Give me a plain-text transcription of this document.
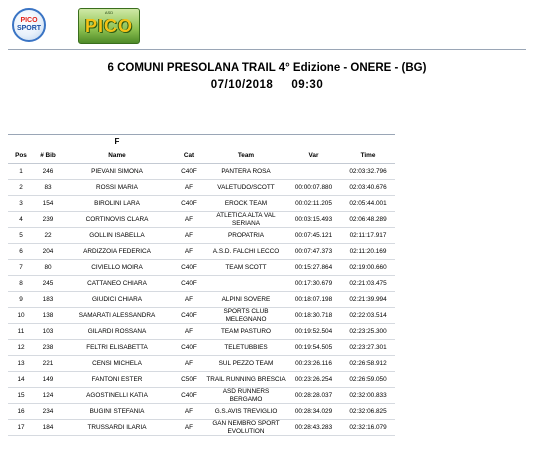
PICO
SPORT
ASD
PICO
6 COMUNI PRESOLANA TRAIL 4° Edizione - ONERE - (BG)
07/10/2018 09:30
		F				
Pos	# Bib	Name	Cat	Team	Var	Time
1	246	PIEVANI SIMONA	C40F	PANTERA ROSA		02:03:32.796
2	83	ROSSI MARIA	AF	VALETUDO/SCOTT	00:00:07.880	02:03:40.676
3	154	BIROLINI LARA	C40F	EROCK TEAM	00:02:11.205	02:05:44.001
4	239	CORTINOVIS CLARA	AF	ATLETICA ALTA VAL SERIANA	00:03:15.493	02:06:48.289
5	22	GOLLIN ISABELLA	AF	PROPATRIA	00:07:45.121	02:11:17.917
6	204	ARDIZZOIA FEDERICA	AF	A.S.D. FALCHI LECCO	00:07:47.373	02:11:20.169
7	80	CIVIELLO MOIRA	C40F	TEAM SCOTT	00:15:27.864	02:19:00.660
8	245	CATTANEO CHIARA	C40F		00:17:30.679	02:21:03.475
9	183	GIUDICI CHIARA	AF	ALPINI SOVERE	00:18:07.198	02:21:39.994
10	138	SAMARATI ALESSANDRA	C40F	SPORTS CLUB MELEGNANO	00:18:30.718	02:22:03.514
11	103	GILARDI ROSSANA	AF	TEAM PASTURO	00:19:52.504	02:23:25.300
12	238	FELTRI ELISABETTA	C40F	TELETUBBIES	00:19:54.505	02:23:27.301
13	221	CENSI MICHELA	AF	SUL PEZZO TEAM	00:23:26.116	02:26:58.912
14	149	FANTONI ESTER	C50F	TRAIL RUNNING BRESCIA	00:23:26.254	02:26:59.050
15	124	AGOSTINELLI KATIA	C40F	ASD RUNNERS BERGAMO	00:28:28.037	02:32:00.833
16	234	BUGINI STEFANIA	AF	G.S.AVIS TREVIGLIO	00:28:34.029	02:32:06.825
17	184	TRUSSARDI ILARIA	AF	GAN NEMBRO SPORT EVOLUTION	00:28:43.283	02:32:16.079
